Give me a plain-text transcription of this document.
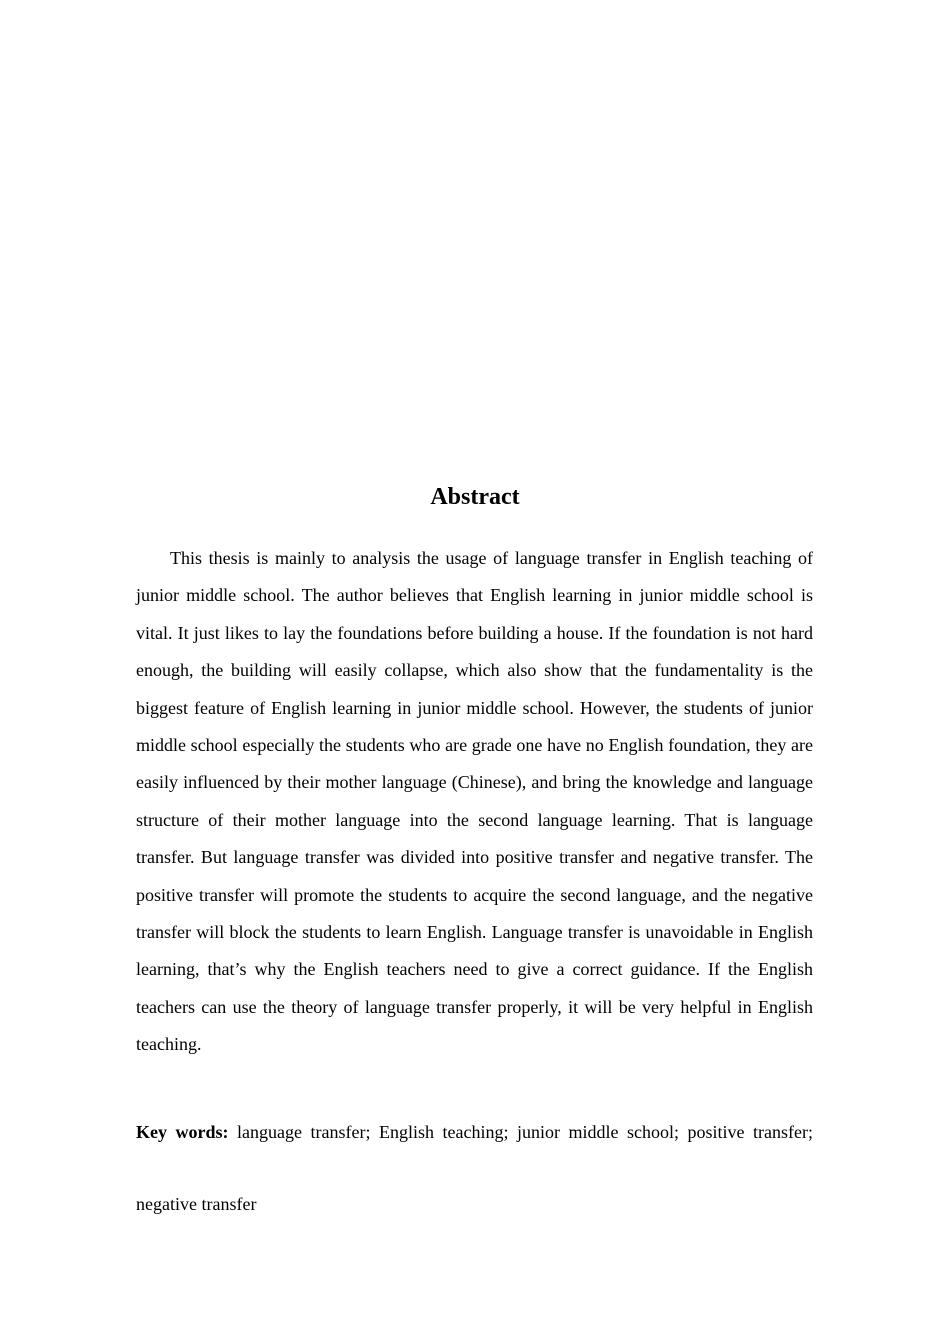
Abstract

This thesis is mainly to analysis the usage of language transfer in English teaching of junior middle school. The author believes that English learning in junior middle school is vital. It just likes to lay the foundations before building a house. If the foundation is not hard enough, the building will easily collapse, which also show that the fundamentality is the biggest feature of English learning in junior middle school. However, the students of junior middle school especially the students who are grade one have no English foundation, they are easily influenced by their mother language (Chinese), and bring the knowledge and language structure of their mother language into the second language learning. That is language transfer. But language transfer was divided into positive transfer and negative transfer. The positive transfer will promote the students to acquire the second language, and the negative transfer will block the students to learn English. Language transfer is unavoidable in English learning, that’s why the English teachers need to give a correct guidance. If the English teachers can use the theory of language transfer properly, it will be very helpful in English teaching.

Key words: language transfer; English teaching; junior middle school; positive transfer; negative transfer
